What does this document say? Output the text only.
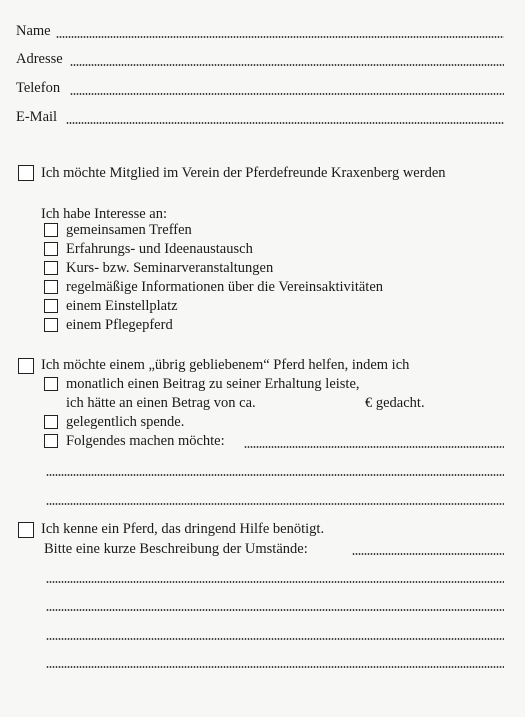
Name
Adresse
Telefon
E-Mail
Ich möchte Mitglied im Verein der Pferdefreunde Kraxenberg werden
Ich habe Interesse an:
gemeinsamen Treffen
Erfahrungs- und Ideenaustausch
Kurs- bzw. Seminarveranstaltungen
regelmäßige Informationen über die Vereinsaktivitäten
einem Einstellplatz
einem Pflegepferd
Ich möchte einem „übrig gebliebenem“ Pferd helfen, indem ich
monatlich einen Beitrag zu seiner Erhaltung leiste,
ich hätte an einen Betrag von ca.	€ gedacht.
gelegentlich spende.
Folgendes machen möchte:
Ich kenne ein Pferd, das dringend Hilfe benötigt.
Bitte eine kurze Beschreibung der Umstände:
